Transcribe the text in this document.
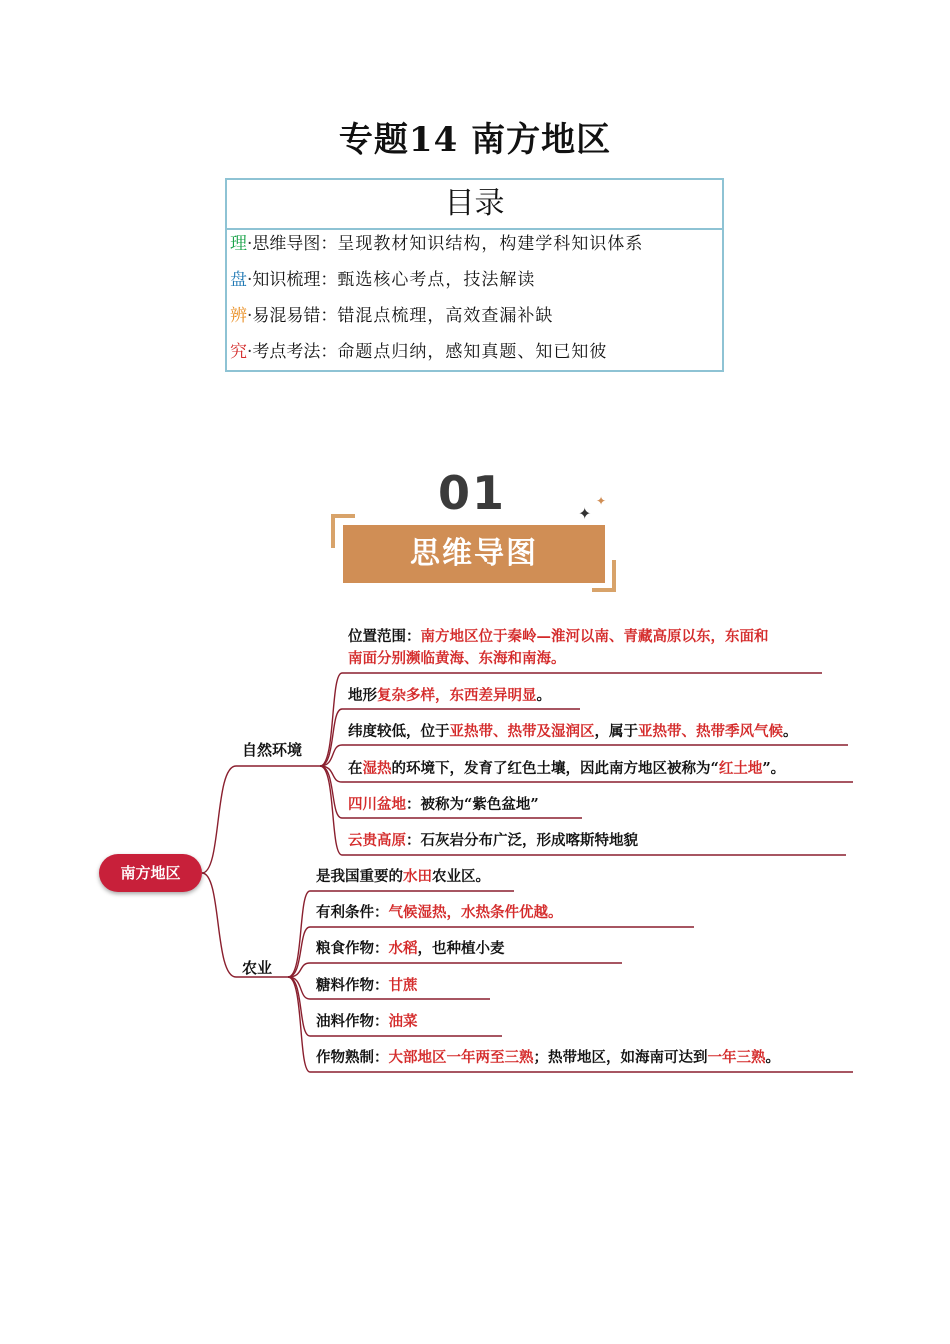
专题14 南方地区
目录
理·思维导图：呈现教材知识结构，构建学科知识体系
盘·知识梳理：甄选核心考点，技法解读
辨·易混易错：错混点梳理，高效查漏补缺
究·考点考法：命题点归纳，感知真题、知已知彼
01
思维导图
✦
✦
南方地区
自然环境
农业
位置范围：南方地区位于秦岭—淮河以南、青藏高原以东，东面和
南面分别濒临黄海、东海和南海。
地形复杂多样，东西差异明显。
纬度较低，位于亚热带、热带及湿润区，属于亚热带、热带季风气候。
在湿热的环境下，发育了红色土壤，因此南方地区被称为“红土地”。
四川盆地：被称为“紫色盆地”
云贵高原：石灰岩分布广泛，形成喀斯特地貌
是我国重要的水田农业区。
有利条件：气候湿热，水热条件优越。
粮食作物：水稻，也种植小麦
糖料作物：甘蔗
油料作物：油菜
作物熟制：大部地区一年两至三熟；热带地区，如海南可达到一年三熟。
